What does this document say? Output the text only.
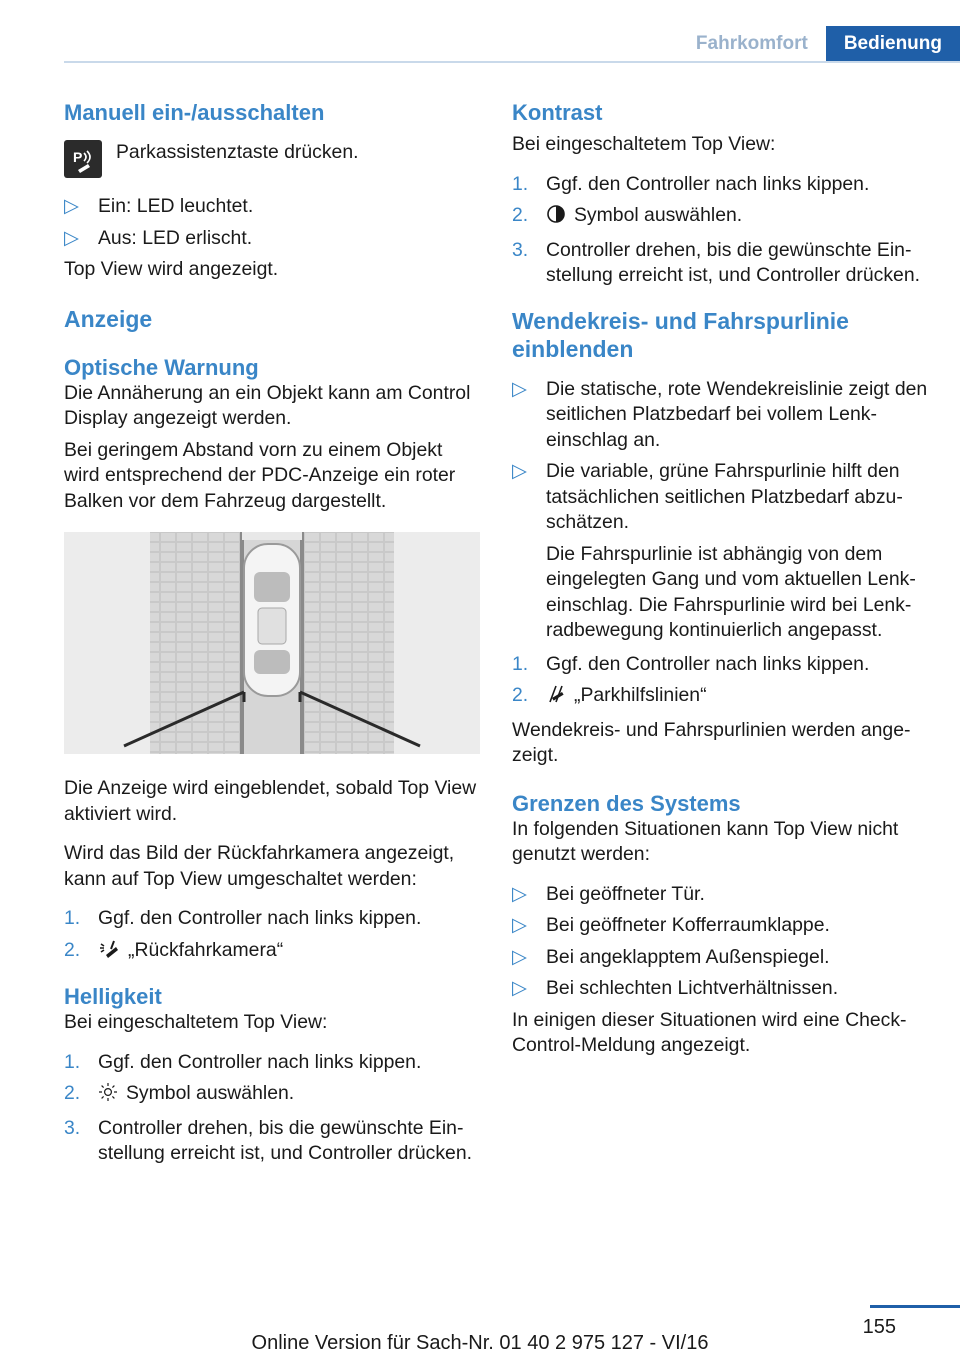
Fahrkomfort	Bedienung
Manuell ein-/ausschalten
P Parkassistenztaste drücken.

▷ Ein: LED leuchtet.
▷ Aus: LED erlischt.

Top View wird angezeigt.

Anzeige
Optische Warnung

Die Annäherung an ein Objekt kann am Control Display angezeigt werden.

Bei geringem Abstand vorn zu einem Objekt wird entsprechend der PDC-Anzeige ein roter Balken vor dem Fahrzeug dargestellt.

Die Anzeige wird eingeblendet, sobald Top View aktiviert wird.

Wird das Bild der Rückfahrkamera angezeigt, kann auf Top View umgeschaltet werden:

1. Ggf. den Controller nach links kippen.
2. „Rückfahrkamera“
Helligkeit

Bei eingeschaltetem Top View:

1. Ggf. den Controller nach links kippen.
2. Symbol auswählen.
3. Controller drehen, bis die gewünschte Einstellung erreicht ist, und Controller drücken.
Kontrast

Bei eingeschaltetem Top View:

1. Ggf. den Controller nach links kippen.
2. Symbol auswählen.
3. Controller drehen, bis die gewünschte Einstellung erreicht ist, und Controller drücken.
Wendekreis- und Fahrspurlinie einblenden
▷ Die statische, rote Wendekreislinie zeigt den seitlichen Platzbedarf bei vollem Lenkeinschlag an.
▷ Die variable, grüne Fahrspurlinie hilft den tatsächlichen seitlichen Platzbedarf abzuschätzen.

Die Fahrspurlinie ist abhängig von dem eingelegten Gang und vom aktuellen Lenkeinschlag. Die Fahrspurlinie wird bei Lenkradbewegung kontinuierlich angepasst.

1. Ggf. den Controller nach links kippen.
2. „Parkhilfslinien“

Wendekreis- und Fahrspurlinien werden angezeigt.

Grenzen des Systems

In folgenden Situationen kann Top View nicht genutzt werden:

▷ Bei geöffneter Tür.
▷ Bei geöffneter Kofferraumklappe.
▷ Bei angeklapptem Außenspiegel.
▷ Bei schlechten Lichtverhältnissen.

In einigen dieser Situationen wird eine Check-Control-Meldung angezeigt.

155
Online Version für Sach-Nr. 01 40 2 975 127 - VI/16
